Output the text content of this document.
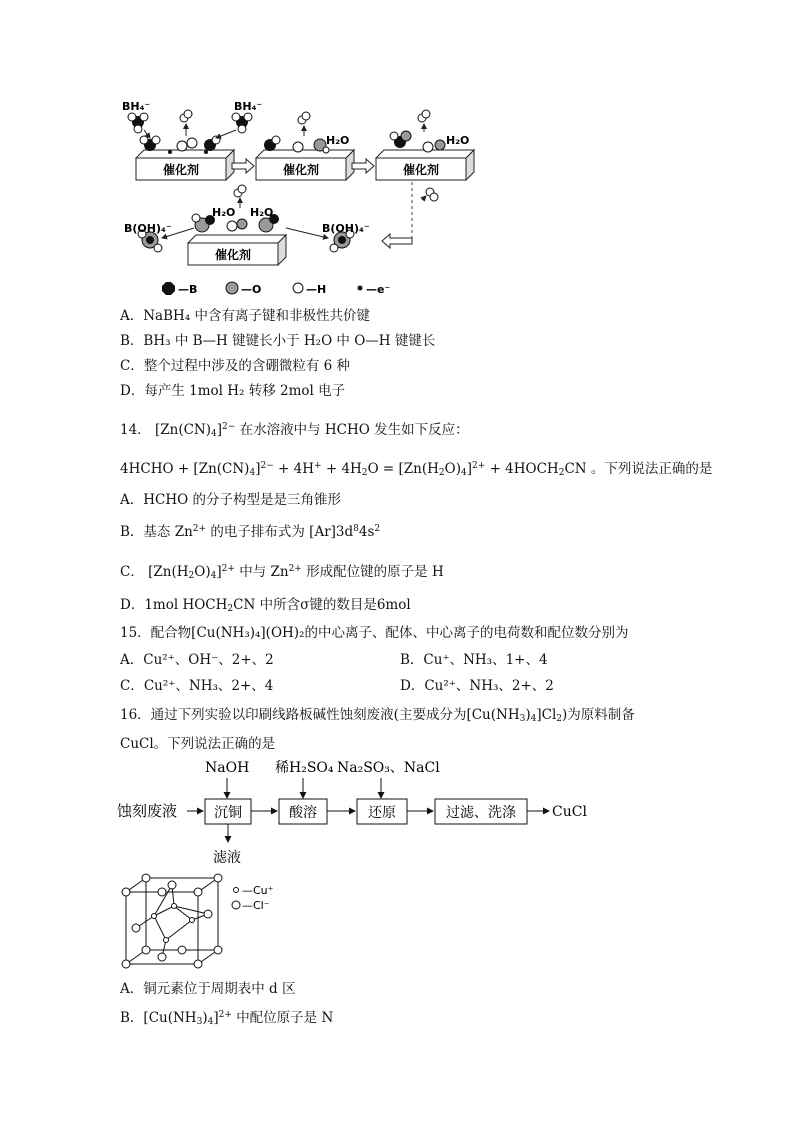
催化剂	催化剂	催化剂
BH₄⁻	BH₄⁻
H₂O	H₂O
催化剂
H₂O H₂O
B(OH)₄⁻	B(OH)₄⁻
—B	—O	—H	—e⁻
A．NaBH₄ 中含有离子键和非极性共价键
B．BH₃ 中 B—H 键键长小于 H₂O 中 O—H 键键长
C．整个过程中涉及的含硼微粒有 6 种
D．每产生 1mol H₂ 转移 2mol 电子
14． $[Zn(CN)_4]^{2-}$ 在水溶液中与 HCHO 发生如下反应：
4HCHO + $[Zn(CN)_4]^{2-} + 4H^+ + 4H_2O = [Zn(H_2O)_4]^{2+}$ + $4HOCH_2CN$ 。下列说法正确的是
A．HCHO 的分子构型是是三角锥形
B．基态 $Zn^{2+}$ 的电子排布式为 $[Ar]3d^84s^2$
C． $[Zn(H_2O)_4]^{2+}$ 中与 $Zn^{2+}$ 形成配位键的原子是 H
D．1mol $HOCH_2CN$ 中所含σ键的数目是6mol
15．配合物[Cu(NH₃)₄](OH)₂的中心离子、配体、中心离子的电荷数和配位数分别为
A．Cu²⁺、OH⁻、2+、2	B．Cu⁺、NH₃、1+、4
C．Cu²⁺、NH₃、2+、4	D．Cu²⁺、NH₃、2+、2
16．通过下列实验以印刷线路板碱性蚀刻废液(主要成分为$[Cu(NH_3)_4]Cl_2$)为原料制备
CuCl。下列说法正确的是
NaOH 稀H₂SO₄ Na₂SO₃、NaCl
蚀刻废液	沉铜	酸溶	还原	过滤、洗涤	CuCl
滤液
—Cu⁺
—Cl⁻
A．铜元素位于周期表中 d 区
B．$[Cu(NH_3)_4]^{2+}$ 中配位原子是 N
